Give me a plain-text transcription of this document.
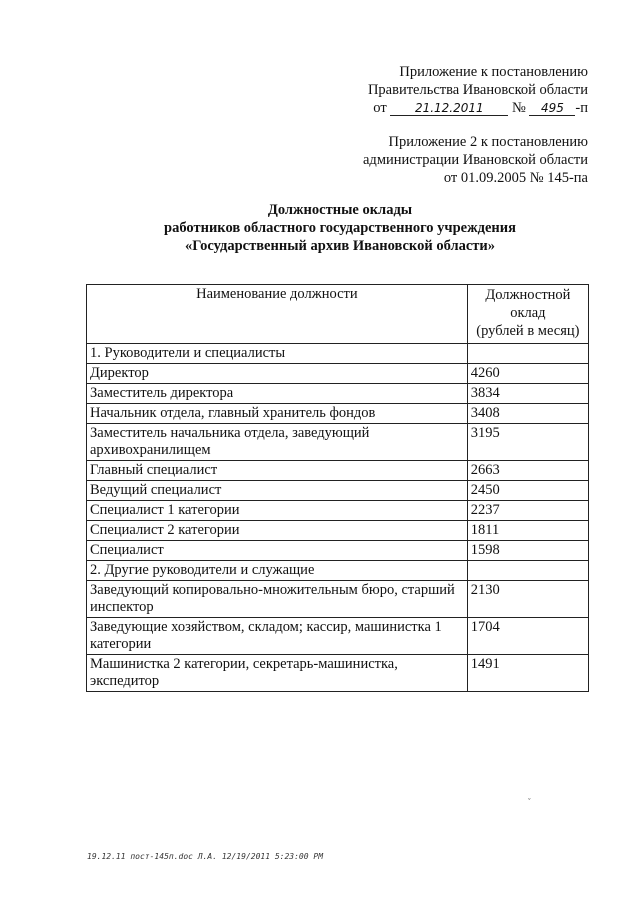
Приложение к постановлению
Правительства Ивановской области
от 21.12.2011 № 495 -п
Приложение 2 к постановлению
администрации Ивановской области
от 01.09.2005 № 145-па
Должностные оклады
работников областного государственного учреждения
«Государственный архив Ивановской области»
Наименование должности	Должностной
оклад
(рублей в месяц)

1. Руководители и специалисты	
Директор	4260
Заместитель директора	3834
Начальник отдела, главный хранитель фондов	3408
Заместитель начальника отдела, заведующий архивохранилищем	3195
Главный специалист	2663
Ведущий специалист	2450
Специалист 1 категории	2237
Специалист 2 категории	1811
Специалист	1598
2. Другие руководители и служащие	
Заведующий копировально-множительным бюро, старший инспектор	2130
Заведующие хозяйством, складом; кассир, машинистка 1 категории	1704
Машинистка 2 категории, секретарь-машинистка, экспедитор	1491
ˇ
19.12.11 пост-145п.doc Л.А. 12/19/2011 5:23:00 PM
